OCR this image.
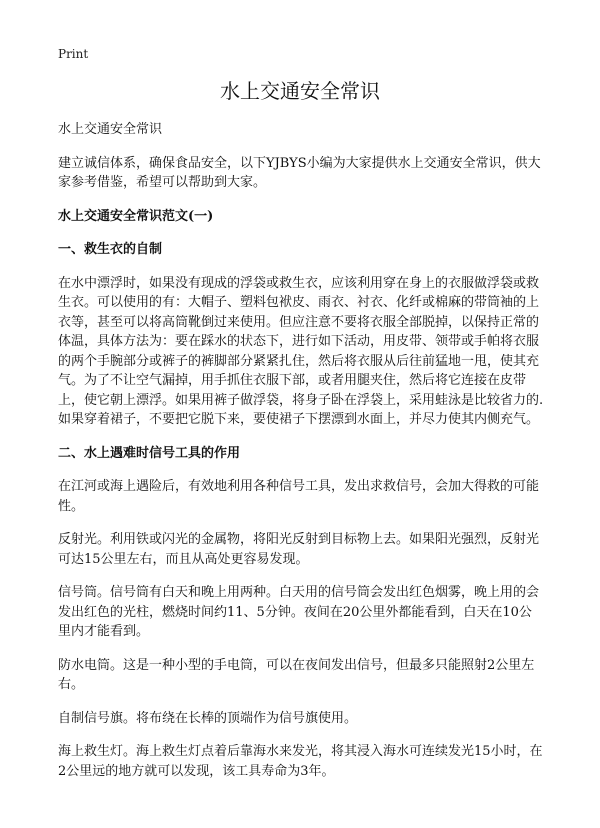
Print
水上交通安全常识

水上交通安全常识

建立诚信体系，确保食品安全，以下YJBYS小编为大家提供水上交通安全常识，供大家参考借鉴，希望可以帮助到大家。

水上交通安全常识范文(一)

一、救生衣的自制

在水中漂浮时，如果没有现成的浮袋或救生衣，应该利用穿在身上的衣服做浮袋或救生衣。可以使用的有：大帽子、塑料包袱皮、雨衣、衬衣、化纤或棉麻的带筒袖的上衣等，甚至可以将高筒靴倒过来使用。但应注意不要将衣服全部脱掉，以保持正常的体温，具体方法为：要在踩水的状态下，进行如下活动，用皮带、领带或手帕将衣服的两个手腕部分或裤子的裤脚部分紧紧扎住，然后将衣服从后往前猛地一甩，使其充气。为了不让空气漏掉，用手抓住衣服下部，或者用腿夹住，然后将它连接在皮带上，使它朝上漂浮。如果用裤子做浮袋，将身子卧在浮袋上，采用蛙泳是比较省力的.如果穿着裙子，不要把它脱下来，要使裙子下摆漂到水面上，并尽力使其内侧充气。

二、水上遇难时信号工具的作用

在江河或海上遇险后，有效地利用各种信号工具，发出求救信号，会加大得救的可能性。

反射光。利用铁或闪光的金属物，将阳光反射到目标物上去。如果阳光强烈，反射光可达15公里左右，而且从高处更容易发现。

信号筒。信号筒有白天和晚上用两种。白天用的信号筒会发出红色烟雾，晚上用的会发出红色的光柱，燃烧时间约11、5分钟。夜间在20公里外都能看到，白天在10公里内才能看到。

防水电筒。这是一种小型的手电筒，可以在夜间发出信号，但最多只能照射2公里左右。

自制信号旗。将布绕在长棒的顶端作为信号旗使用。

海上救生灯。海上救生灯点着后靠海水来发光，将其浸入海水可连续发光15小时，在2公里远的地方就可以发现，该工具寿命为3年。
